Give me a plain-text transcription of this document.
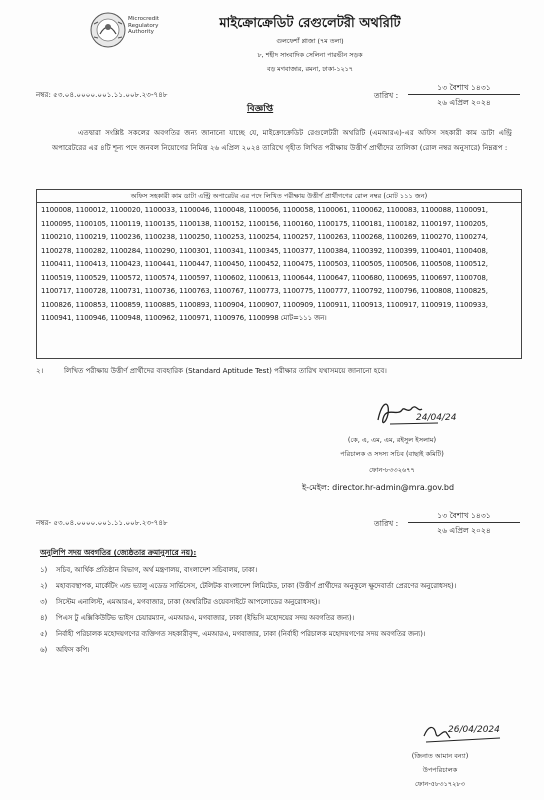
Microcredit
Regulatory
Authority
মাইক্রোক্রেডিট রেগুলেটরী অথরিটি
গুলফেশাঁ প্লাজা (৭ম তলা)
৮, শহীদ সাংবাদিক সেলিনা পারভীন সড়ক
বড় মগবাজার, রমনা, ঢাকা-১২১৭
নম্বর: ৫৩.০৪.০০০০.০০১.১১.০০৮.২৩-৭৪৮	তারিখ :
১৩ বৈশাখ ১৪৩১
২৬ এপ্রিল ২০২৪
বিজ্ঞপ্তি

এতদ্বারা সংশ্লিষ্ট সকলের অবগতির জন্য জানানো যাচ্ছে যে, মাইক্রোক্রেডিট রেগুলেটরী অথরিটি (এমআরএ)-এর অফিস সহকারী কাম ডাটা এন্ট্রি অপারেটরের এর ৪টি শূন্য পদে জনবল নিয়োগের নিমিত্ত ২৬ এপ্রিল ২০২৪ তারিখে গৃহীত লিখিত পরীক্ষায় উত্তীর্ণ প্রার্থীদের তালিকা (রোল নম্বর অনুসারে) নিম্নরূপ :

অফিস সহকারী কাম ডাটা এন্ট্রি অপারেটর এর পদে লিখিত পরীক্ষায় উত্তীর্ণ প্রার্থীগণের রোল নম্বর (মোট ১১১ জন)
1100008, 1100012, 1100020, 1100033, 1100046, 1100048, 1100056, 1100058, 1100061, 1100062, 1100083, 1100088, 1100091, 1100095, 1100105, 1100119, 1100135, 1100138, 1100152, 1100156, 1100160, 1100175, 1100181, 1100182, 1100197, 1100205, 1100210, 1100219, 1100236, 1100238, 1100250, 1100253, 1100254, 1100257, 1100263, 1100268, 1100269, 1100270, 1100274, 1100278, 1100282, 1100284, 1100290, 1100301, 1100341, 1100345, 1100377, 1100384, 1100392, 1100399, 1100401, 1100408, 1100411, 1100413, 1100423, 1100441, 1100447, 1100450, 1100452, 1100475, 1100503, 1100505, 1100506, 1100508, 1100512, 1100519, 1100529, 1100572, 1100574, 1100597, 1100602, 1100613, 1100644, 1100647, 1100680, 1100695, 1100697, 1100708, 1100717, 1100728, 1100731, 1100736, 1100763, 1100767, 1100773, 1100775, 1100777, 1100792, 1100796, 1100808, 1100825, 1100826, 1100853, 1100859, 1100885, 1100893, 1100904, 1100907, 1100909, 1100911, 1100913, 1100917, 1100919, 1100933, 1100941, 1100946, 1100948, 1100962, 1100971, 1100976, 1100998 মোট=১১১ জন।
২।	লিখিত পরীক্ষায় উত্তীর্ণ প্রার্থীদের ব্যবহারিক (Standard Aptitude Test) পরীক্ষার তারিখ যথাসময়ে জানানো হবে।
24/04/24
(কে, এ, এম, এম, রইসুল ইসলাম)
পরিচালক ও সদস্য সচিব (বাছাই কমিটি)
ফোন-৮৩৩২৬৭৭
ই-মেইল: director.hr-admin@mra.gov.bd
নম্বর- ৫৩.০৪.০০০০.০০১.১১.০০৮.২৩-৭৪৮	তারিখ :
১৩ বৈশাখ ১৪৩১
২৬ এপ্রিল ২০২৪
অনুলিপি সদয় অবগতির (জ্যেষ্ঠতার ক্রমানুসারে নয়):
১)	সচিব, আর্থিক প্রতিষ্ঠান বিভাগ, অর্থ মন্ত্রণালয়, বাংলাদেশ সচিবালয়, ঢাকা।
২)	মহাব্যবস্থাপক, মার্কেটিং এন্ড ভ্যালু এডেড সার্ভিসেস, টেলিটক বাংলাদেশ লিমিটেড, ঢাকা (উত্তীর্ণ প্রার্থীদের অনুকূলে ক্ষুদেবার্তা প্রেরণের অনুরোধসহ)।
৩)	সিস্টেম এনালিস্ট, এমআরএ, মগবাজার, ঢাকা (অথরিটির ওয়েবসাইটে আপলোডের অনুরোধসহ)।
৪)	পিএস টু এক্সিকিউটিভ ভাইস চেয়ারম্যান, এমআরএ, মগবাজার, ঢাকা (ইভিসি মহোদয়ের সদয় অবগতির জন্য)।
৫)	নির্বাহী পরিচালক মহোদয়গণের ব্যক্তিগত সহকারীবৃন্দ, এমআরএ, মগবাজার, ঢাকা (নির্বাহী পরিচালক মহোদয়গণের সদয় অবগতির জন্য)।
৬)	অফিস কপি।
26/04/2024
(জিনাত আমান বন্যা)
উপপরিচালক
ফোন-৫৮৩১৭২৮৩
